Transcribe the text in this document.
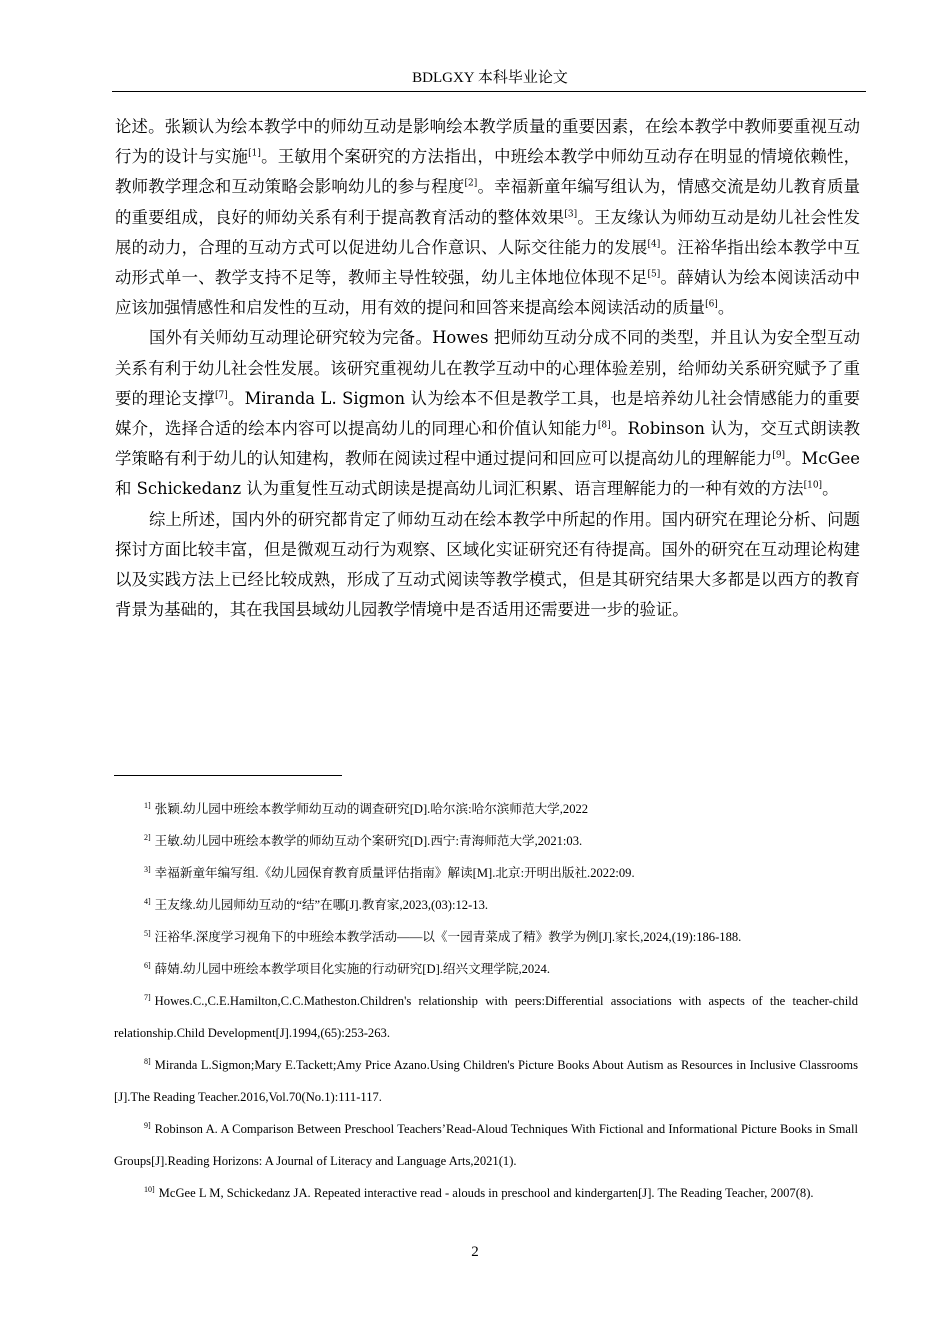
BDLGXY 本科毕业论文

论述。张颖认为绘本教学中的师幼互动是影响绘本教学质量的重要因素，在绘本教学中教师要重视互动行为的设计与实施[1]。王敏用个案研究的方法指出，中班绘本教学中师幼互动存在明显的情境依赖性，教师教学理念和互动策略会影响幼儿的参与程度[2]。幸福新童年编写组认为，情感交流是幼儿教育质量的重要组成，良好的师幼关系有利于提高教育活动的整体效果[3]。王友缘认为师幼互动是幼儿社会性发展的动力，合理的互动方式可以促进幼儿合作意识、人际交往能力的发展[4]。汪裕华指出绘本教学中互动形式单一、教学支持不足等，教师主导性较强，幼儿主体地位体现不足[5]。薛婧认为绘本阅读活动中应该加强情感性和启发性的互动，用有效的提问和回答来提高绘本阅读活动的质量[6]。

国外有关师幼互动理论研究较为完备。Howes 把师幼互动分成不同的类型，并且认为安全型互动关系有利于幼儿社会性发展。该研究重视幼儿在教学互动中的心理体验差别，给师幼关系研究赋予了重要的理论支撑[7]。Miranda L. Sigmon 认为绘本不但是教学工具，也是培养幼儿社会情感能力的重要媒介，选择合适的绘本内容可以提高幼儿的同理心和价值认知能力[8]。Robinson 认为，交互式朗读教学策略有利于幼儿的认知建构，教师在阅读过程中通过提问和回应可以提高幼儿的理解能力[9]。McGee 和 Schickedanz 认为重复性互动式朗读是提高幼儿词汇积累、语言理解能力的一种有效的方法[10]。

综上所述，国内外的研究都肯定了师幼互动在绘本教学中所起的作用。国内研究在理论分析、问题探讨方面比较丰富，但是微观互动行为观察、区域化实证研究还有待提高。国外的研究在互动理论构建以及实践方法上已经比较成熟，形成了互动式阅读等教学模式，但是其研究结果大多都是以西方的教育背景为基础的，其在我国县域幼儿园教学情境中是否适用还需要进一步的验证。

$^{1]}$ 张颖.幼儿园中班绘本教学师幼互动的调查研究[D].哈尔滨:哈尔滨师范大学,2022

$^{2]}$ 王敏.幼儿园中班绘本教学的师幼互动个案研究[D].西宁:青海师范大学,2021:03.

$^{3]}$ 幸福新童年编写组.《幼儿园保育教育质量评估指南》解读[M].北京:开明出版社.2022:09.

$^{4]}$ 王友缘.幼儿园师幼互动的“结”在哪[J].教育家,2023,(03):12-13.

$^{5]}$ 汪裕华.深度学习视角下的中班绘本教学活动——以《一园青菜成了精》教学为例[J].家长,2024,(19):186-188.

$^{6]}$ 薛婧.幼儿园中班绘本教学项目化实施的行动研究[D].绍兴文理学院,2024.

$^{7]}$ Howes.C.,C.E.Hamilton,C.C.Matheston.Children's relationship with peers:Differential associations with aspects of the teacher-child relationship.Child Development[J].1994,(65):253-263.

$^{8]}$ Miranda L.Sigmon;Mary E.Tackett;Amy Price Azano.Using Children's Picture Books About Autism as Resources in Inclusive Classrooms [J].The Reading Teacher.2016,Vol.70(No.1):111-117.

$^{9]}$ Robinson A. A Comparison Between Preschool Teachers’Read-Aloud Techniques With Fictional and Informational Picture Books in Small Groups[J].Reading Horizons: A Journal of Literacy and Language Arts,2021(1).

$^{10]}$ McGee L M, Schickedanz JA. Repeated interactive read - alouds in preschool and kindergarten[J]. The Reading Teacher, 2007(8).

2
